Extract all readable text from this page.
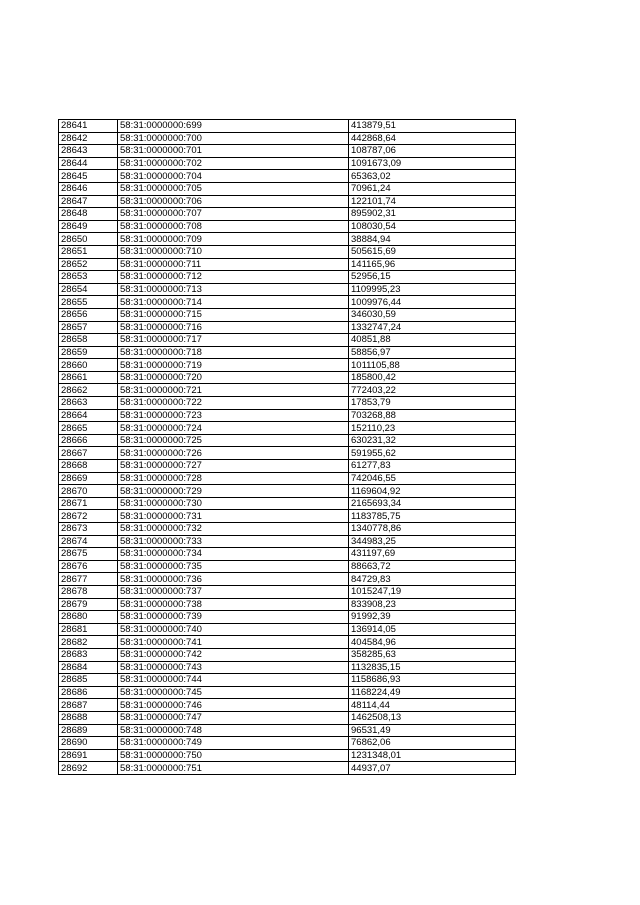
28641	58:31:0000000:699	413879,51
28642	58:31:0000000:700	442868,64
28643	58:31:0000000:701	108787,06
28644	58:31:0000000:702	1091673,09
28645	58:31:0000000:704	65363,02
28646	58:31:0000000:705	70961,24
28647	58:31:0000000:706	122101,74
28648	58:31:0000000:707	895902,31
28649	58:31:0000000:708	108030,54
28650	58:31:0000000:709	38884,94
28651	58:31:0000000:710	505615,69
28652	58:31:0000000:711	141165,96
28653	58:31:0000000:712	52956,15
28654	58:31:0000000:713	1109995,23
28655	58:31:0000000:714	1009976,44
28656	58:31:0000000:715	346030,59
28657	58:31:0000000:716	1332747,24
28658	58:31:0000000:717	40851,88
28659	58:31:0000000:718	58856,97
28660	58:31:0000000:719	1011105,88
28661	58:31:0000000:720	185800,42
28662	58:31:0000000:721	772403,22
28663	58:31:0000000:722	17853,79
28664	58:31:0000000:723	703268,88
28665	58:31:0000000:724	152110,23
28666	58:31:0000000:725	630231,32
28667	58:31:0000000:726	591955,62
28668	58:31:0000000:727	61277,83
28669	58:31:0000000:728	742046,55
28670	58:31:0000000:729	1169604,92
28671	58:31:0000000:730	2165693,34
28672	58:31:0000000:731	1183785,75
28673	58:31:0000000:732	1340778,86
28674	58:31:0000000:733	344983,25
28675	58:31:0000000:734	431197,69
28676	58:31:0000000:735	88663,72
28677	58:31:0000000:736	84729,83
28678	58:31:0000000:737	1015247,19
28679	58:31:0000000:738	833908,23
28680	58:31:0000000:739	91992,39
28681	58:31:0000000:740	136914,05
28682	58:31:0000000:741	404584,96
28683	58:31:0000000:742	358285,63
28684	58:31:0000000:743	1132835,15
28685	58:31:0000000:744	1158686,93
28686	58:31:0000000:745	1168224,49
28687	58:31:0000000:746	48114,44
28688	58:31:0000000:747	1462508,13
28689	58:31:0000000:748	96531,49
28690	58:31:0000000:749	76862,06
28691	58:31:0000000:750	1231348,01
28692	58:31:0000000:751	44937,07
